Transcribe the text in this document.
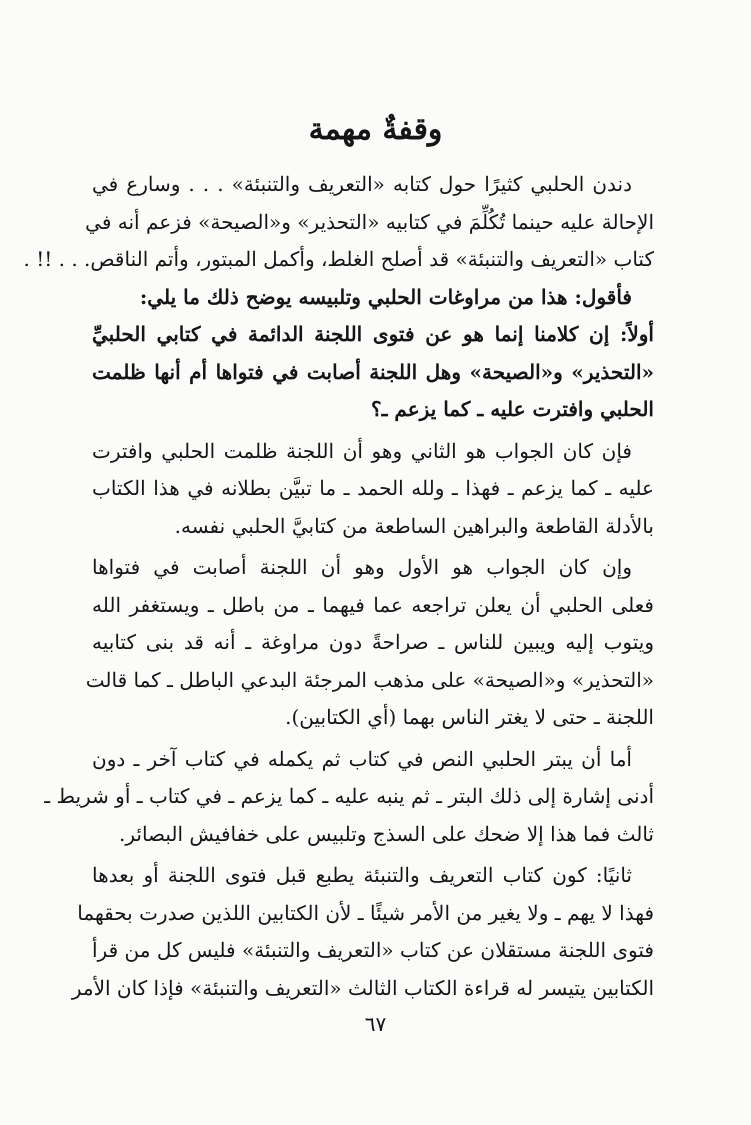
وقفةٌ مهمة
دندن الحلبي كثيرًا حول كتابه «التعريف والتنبئة» . . . وسارع في
الإحالة عليه حينما تُكُلِّمَ في كتابيه «التحذير» و«الصيحة» فزعم أنه في
كتاب «التعريف والتنبئة» قد أصلح الغلط، وأكمل المبتور، وأتم الناقص. . . !! .
فأقول: هذا من مراوغات الحلبي وتلبيسه يوضح ذلك ما يلي:
أولاً: إن كلامنا إنما هو عن فتوى اللجنة الدائمة في كتابي الحلبيِّ
«التحذير» و«الصيحة» وهل اللجنة أصابت في فتواها أم أنها ظلمت
الحلبي وافترت عليه ـ كما يزعم ـ؟
فإن كان الجواب هو الثاني وهو أن اللجنة ظلمت الحلبي وافترت
عليه ـ كما يزعم ـ فهذا ـ ولله الحمد ـ ما تبيَّن بطلانه في هذا الكتاب
بالأدلة القاطعة والبراهين الساطعة من كتابيَّ الحلبي نفسه.
وإن كان الجواب هو الأول وهو أن اللجنة أصابت في فتواها
فعلى الحلبي أن يعلن تراجعه عما فيهما ـ من باطل ـ ويستغفر الله
ويتوب إليه ويبين للناس ـ صراحةً دون مراوغة ـ أنه قد بنى كتابيه
«التحذير» و«الصيحة» على مذهب المرجئة البدعي الباطل ـ كما قالت
اللجنة ـ حتى لا يغتر الناس بهما (أي الكتابين).
أما أن يبتر الحلبي النص في كتاب ثم يكمله في كتاب آخر ـ دون
أدنى إشارة إلى ذلك البتر ـ ثم ينبه عليه ـ كما يزعم ـ في كتاب ـ أو شريط ـ
ثالث فما هذا إلا ضحك على السذج وتلبيس على خفافيش البصائر.
ثانيًا: كون كتاب التعريف والتنبئة يطبع قبل فتوى اللجنة أو بعدها
فهذا لا يهم ـ ولا يغير من الأمر شيئًا ـ لأن الكتابين اللذين صدرت بحقهما
فتوى اللجنة مستقلان عن كتاب «التعريف والتنبئة» فليس كل من قرأ
الكتابين يتيسر له قراءة الكتاب الثالث «التعريف والتنبئة» فإذا كان الأمر
٦٧
